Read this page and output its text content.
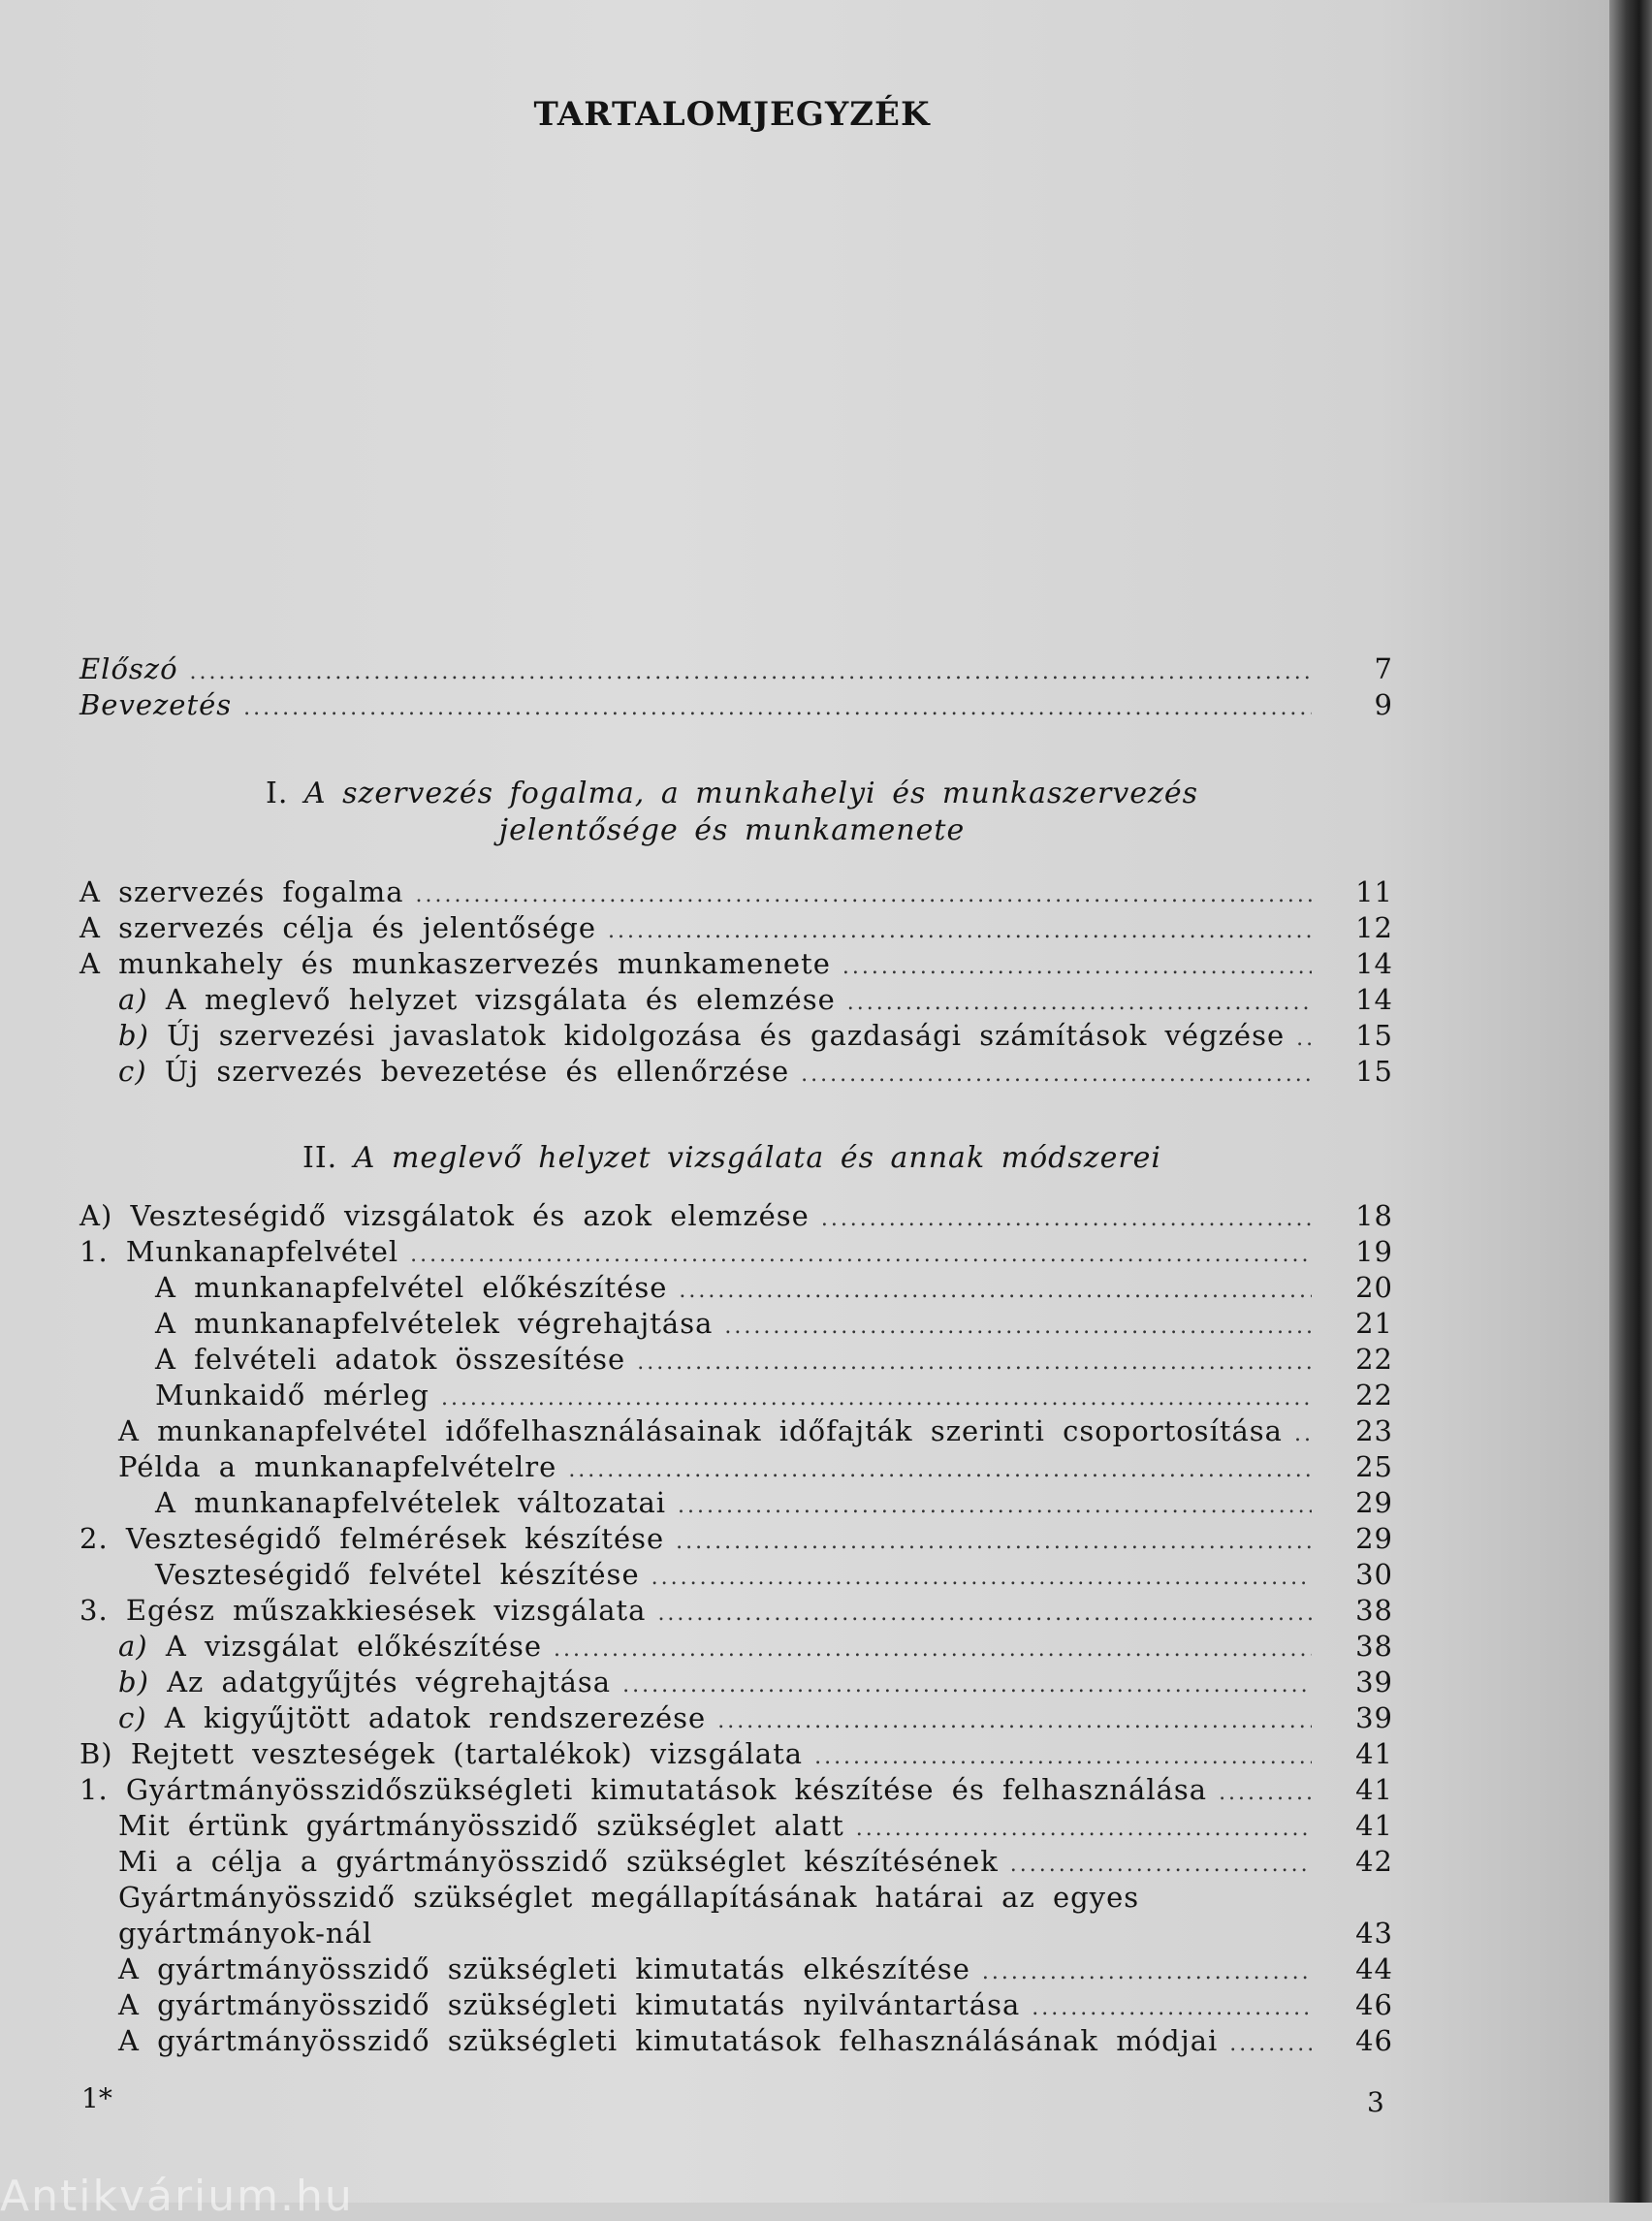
TARTALOMJEGYZÉK
Előszó .....	7
Bevezetés .....	9
I. A szervezés fogalma, a munkahelyi és munkaszervezés
jelentősége és munkamenete
A szervezés fogalma .....	11
A szervezés célja és jelentősége .....	12
A munkahely és munkaszervezés munkamenete .....	14
a) A meglevő helyzet vizsgálata és elemzése .....	14
b) Új szervezési javaslatok kidolgozása és gazdasági számítások végzése .....	15
c) Új szervezés bevezetése és ellenőrzése .....	15
II. A meglevő helyzet vizsgálata és annak módszerei
A) Veszteségidő vizsgálatok és azok elemzése .....	18
1. Munkanapfelvétel .....	19
A munkanapfelvétel előkészítése .....	20
A munkanapfelvételek végrehajtása .....	21
A felvételi adatok összesítése .....	22
Munkaidő mérleg .....	22
A munkanapfelvétel időfelhasználásainak időfajták szerinti csoportosítása .....	23
Példa a munkanapfelvételre .....	25
A munkanapfelvételek változatai .....	29
2. Veszteségidő felmérések készítése .....	29
Veszteségidő felvétel készítése .....	30
3. Egész műszakkiesések vizsgálata .....	38
a) A vizsgálat előkészítése .....	38
b) Az adatgyűjtés végrehajtása .....	39
c) A kigyűjtött adatok rendszerezése .....	39
B) Rejtett veszteségek (tartalékok) vizsgálata .....	41
1. Gyártmányösszidőszükségleti kimutatások készítése és felhasználása .....	41
Mit értünk gyártmányösszidő szükséglet alatt .....	41
Mi a célja a gyártmányösszidő szükséglet készítésének .....	42
Gyártmányösszidő szükséglet megállapításának határai az egyes gyártmányok-nál	43
A gyártmányösszidő szükségleti kimutatás elkészítése .....	44
A gyártmányösszidő szükségleti kimutatás nyilvántartása .....	46
A gyártmányösszidő szükségleti kimutatások felhasználásának módjai .....	46
1*	3
Antikvárium.hu
